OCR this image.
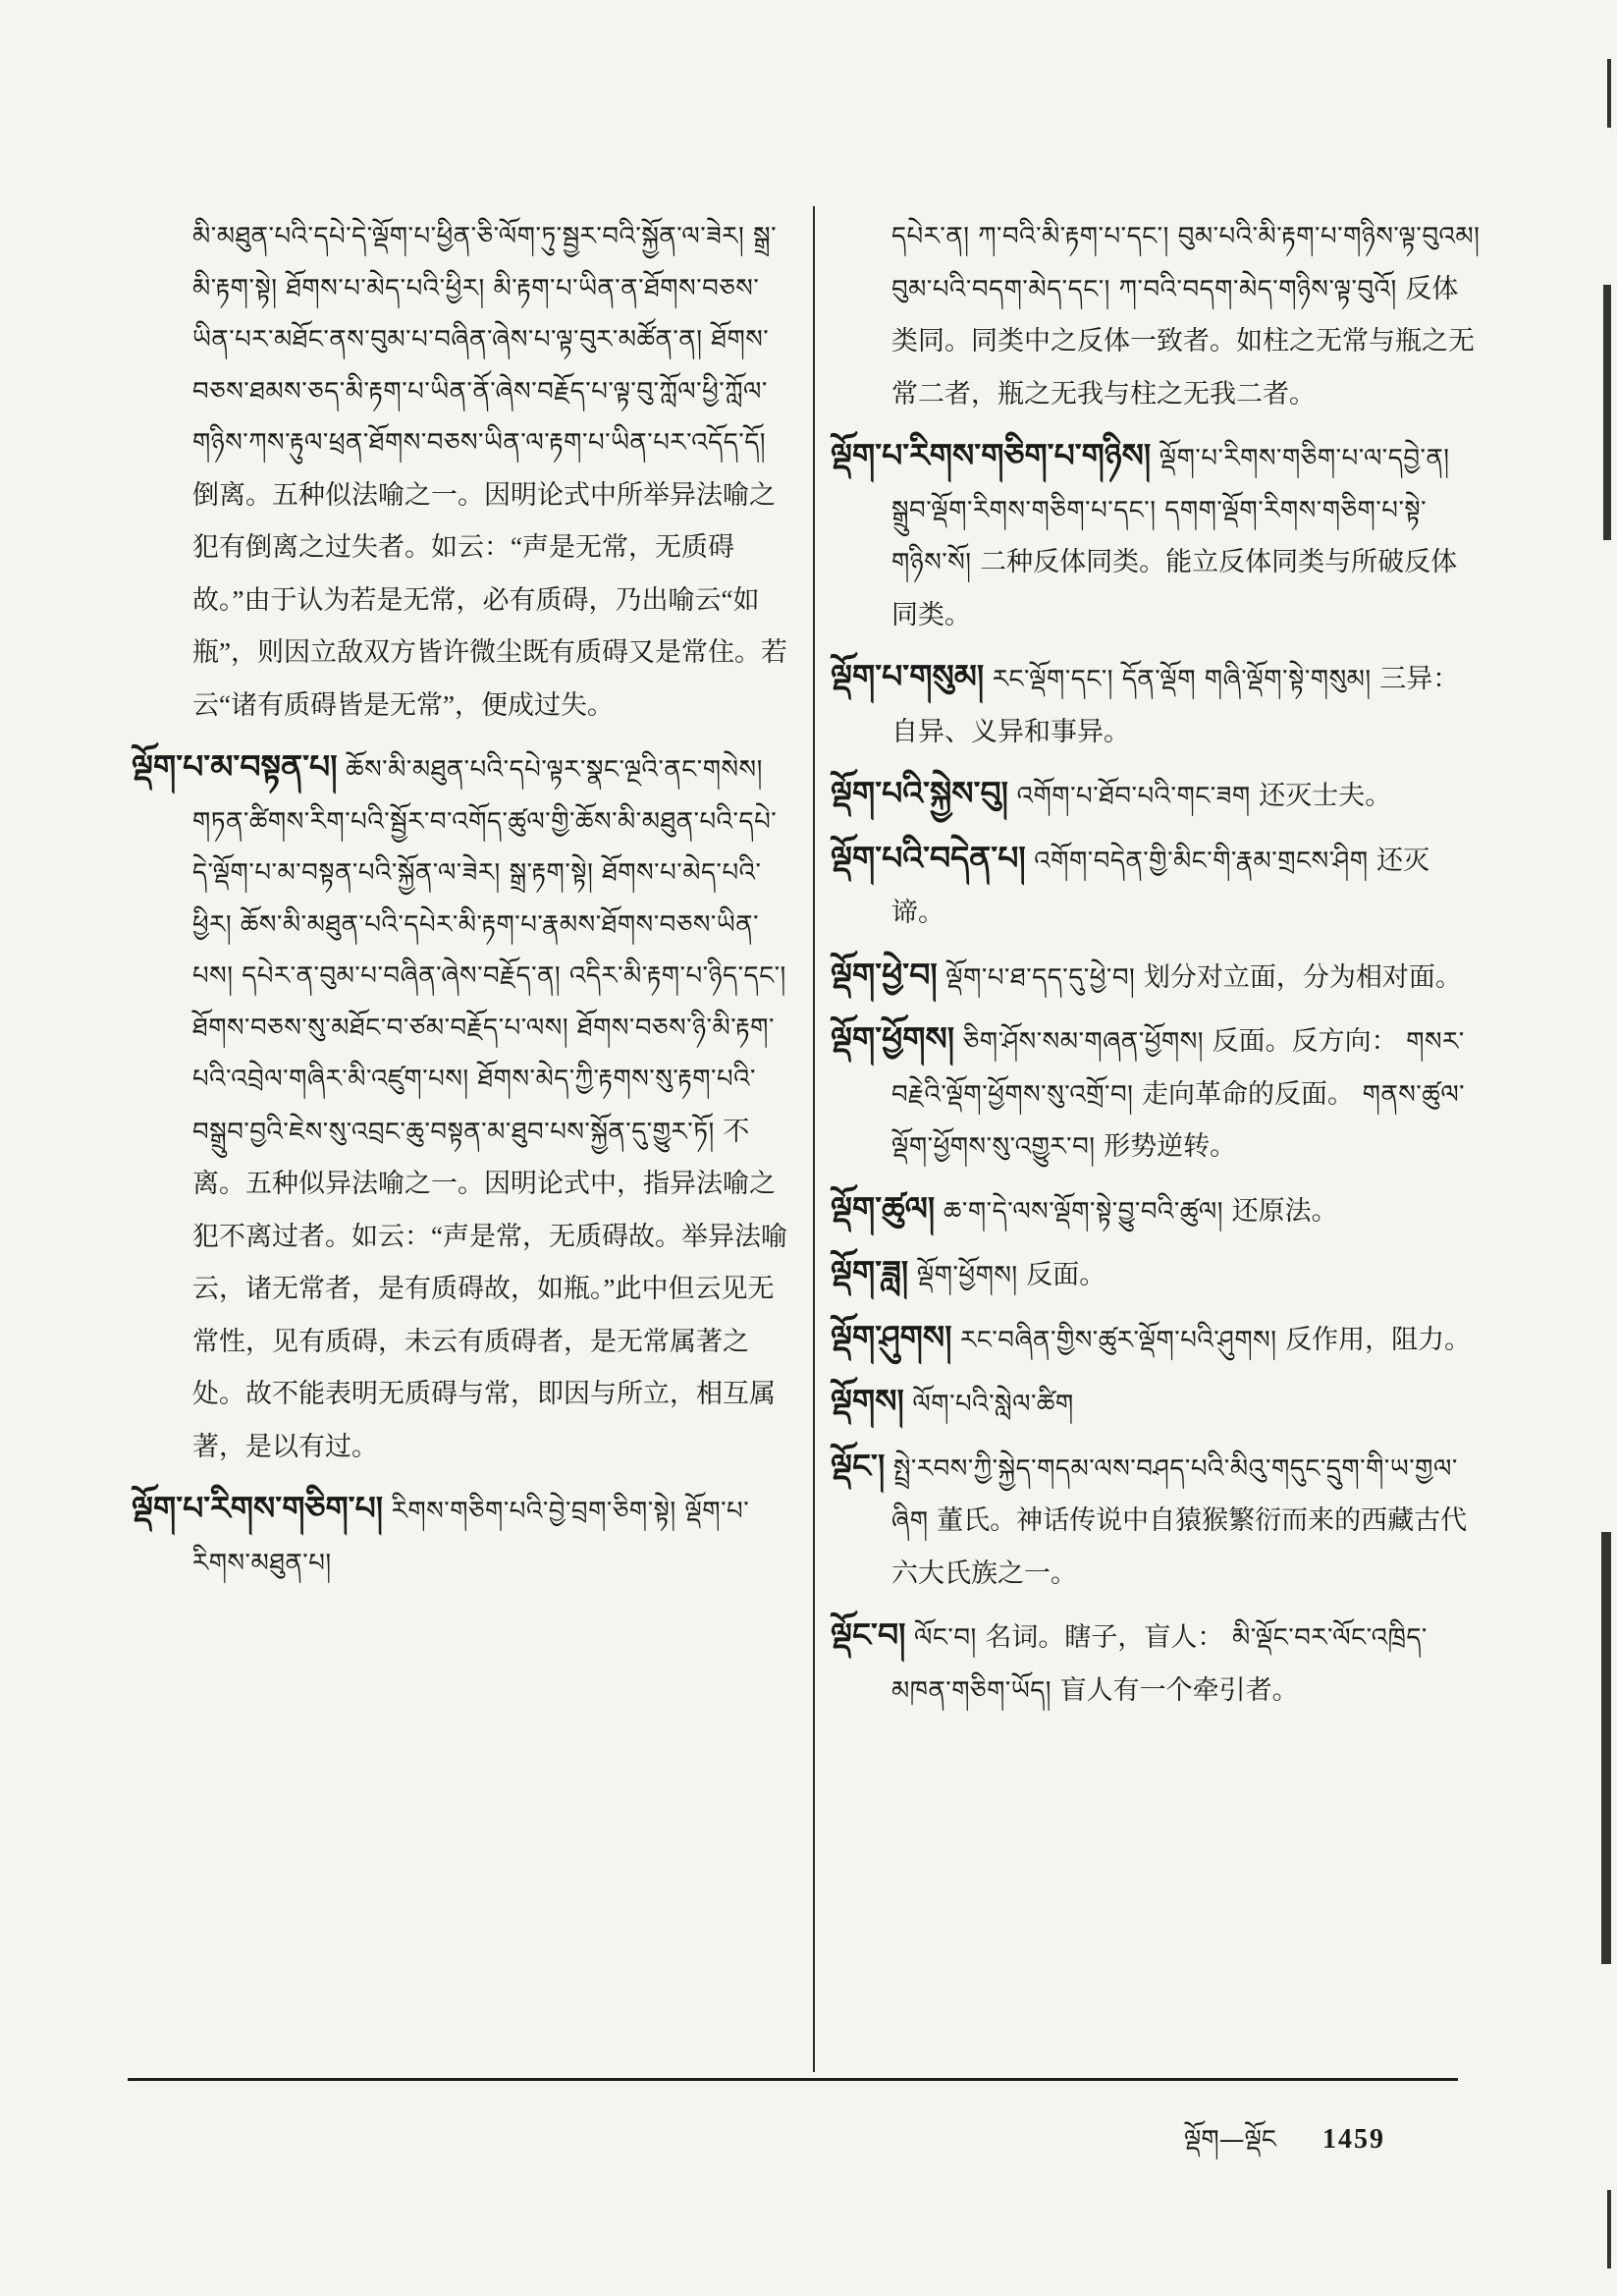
མི་མཐུན་པའི་དཔེ་དེ་ལྡོག་པ་ཕྱིན་ཅི་ལོག་ཏུ་སྦྱར་བའི་སྐྱོན་ལ་ཟེར། སྒྲ་མི་རྟག་སྟེ། ཐོགས་པ་མེད་པའི་ཕྱིར། མི་རྟག་པ་ཡིན་ན་ཐོགས་བཅས་ཡིན་པར་མཐོང་ནས་བུམ་པ་བཞིན་ཞེས་པ་ལྟ་བུར་མཚོན་ན། ཐོགས་བཅས་ཐམས་ཅད་མི་རྟག་པ་ཡིན་ནོ་ཞེས་བརྗོད་པ་ལྟ་བུ་ཀློལ་ཕྱི་ཀློལ་གཉིས་ཀས་རྟུལ་ཕྲན་ཐོགས་བཅས་ཡིན་ལ་རྟག་པ་ཡིན་པར་འདོད་དོ། 倒离。五种似法喻之一。因明论式中所举异法喻之犯有倒离之过失者。如云：“声是无常，无质碍故。”由于认为若是无常，必有质碍，乃出喻云“如瓶”，则因立敌双方皆许微尘既有质碍又是常住。若云“诸有质碍皆是无常”，便成过失。

ལྡོག་པ་མ་བསྟན་པ། ཆོས་མི་མཐུན་པའི་དཔེ་ལྟར་སྣང་ལྔའི་ནང་གསེས། གཏན་ཚིགས་རིག་པའི་སྦྱོར་བ་འགོད་ཚུལ་གྱི་ཆོས་མི་མཐུན་པའི་དཔེ་དེ་ལྡོག་པ་མ་བསྟན་པའི་སྐྱོན་ལ་ཟེར། སྒྲ་རྟག་སྟེ། ཐོགས་པ་མེད་པའི་ཕྱིར། ཆོས་མི་མཐུན་པའི་དཔེར་མི་རྟག་པ་རྣམས་ཐོགས་བཅས་ཡིན་པས། དཔེར་ན་བུམ་པ་བཞིན་ཞེས་བརྗོད་ན། འདིར་མི་རྟག་པ་ཉིད་དང་། ཐོགས་བཅས་སུ་མཐོང་བ་ཙམ་བརྗོད་པ་ལས། ཐོགས་བཅས་ཉི་མི་རྟག་པའི་འབྲེལ་གཞིར་མི་འཛུག་པས། ཐོགས་མེད་ཀྱི་རྟགས་སུ་རྟག་པའི་བསྒྲུབ་བྱའི་ཇེས་སུ་འབྲང་ཆུ་བསྟན་མ་ཐུབ་པས་སྐྱོན་དུ་གྱུར་ཏོ། 不离。五种似异法喻之一。因明论式中，指异法喻之犯不离过者。如云：“声是常，无质碍故。举异法喻云，诸无常者，是有质碍故，如瓶。”此中但云见无常性，见有质碍，未云有质碍者，是无常属著之处。故不能表明无质碍与常，即因与所立，相互属著，是以有过。

ལྡོག་པ་རིགས་གཅིག་པ། རིགས་གཅིག་པའི་བྱེ་བྲག་ཅིག་སྟེ། ལྡོག་པ་རིགས་མཐུན་པ།

དཔེར་ན། ཀ་བའི་མི་རྟག་པ་དང་། བུམ་པའི་མི་རྟག་པ་གཉིས་ལྟ་བུའམ། བུམ་པའི་བདག་མེད་དང་། ཀ་བའི་བདག་མེད་གཉིས་ལྟ་བུའོ། 反体类同。同类中之反体一致者。如柱之无常与瓶之无常二者，瓶之无我与柱之无我二者。

ལྡོག་པ་རིགས་གཅིག་པ་གཉིས། ལྡོག་པ་རིགས་གཅིག་པ་ལ་དབྱེ་ན། སྒྲུབ་ལྡོག་རིགས་གཅིག་པ་དང་། དགག་ལྡོག་རིགས་གཅིག་པ་སྟེ་གཉིས་སོ། 二种反体同类。能立反体同类与所破反体同类。

ལྡོག་པ་གསུམ། རང་ལྡོག་དང་། དོན་ལྡོག གཞི་ལྡོག་སྟེ་གསུམ། 三异：自异、义异和事异。

ལྡོག་པའི་སྐྱེས་བུ། འགོག་པ་ཐོབ་པའི་གང་ཟག 还灭士夫。

ལྡོག་པའི་བདེན་པ། འགོག་བདེན་གྱི་མིང་གི་རྣམ་གྲངས་ཤིག 还灭谛。

ལྡོག་ཕྱེ་བ། ལྡོག་པ་ཐ་དད་དུ་ཕྱེ་བ། 划分对立面，分为相对面。

ལྡོག་ཕྱོགས། ཅིག་ཤོས་སམ་གཞན་ཕྱོགས། 反面。反方向： གསར་བརྗེའི་ལྡོག་ཕྱོགས་སུ་འགྲོ་བ། 走向革命的反面。 གནས་ཚུལ་ལྡོག་ཕྱོགས་སུ་འགྱུར་བ། 形势逆转。

ལྡོག་ཚུལ། ཆ་ག་དེ་ལས་ལྡོག་སྟེ་བྱུ་བའི་ཚུལ། 还原法。

ལྡོག་ཟླ། ལྡོག་ཕྱོགས། 反面。

ལྡོག་ཤུགས། རང་བཞིན་གྱིས་ཚུར་ལྡོག་པའི་ཤུགས། 反作用，阻力。

ལྡོགས། ལོག་པའི་སླེལ་ཚིག

ལྡོང་། སྤྲེ་རབས་ཀྱི་སྐྱེད་གདམ་ལས་བཤད་པའི་མིའུ་གདུང་དྲུག་གི་ཡ་གྱལ་ཞིག 董氏。神话传说中自猿猴繁衍而来的西藏古代六大氏族之一。

ལྡོང་བ། ལོང་བ། 名词。瞎子，盲人： མི་ལྡོང་བར་ལོང་འཁྲིད་མཁན་གཅིག་ཡོད། 盲人有一个牵引者。

ལྡོག—ལྡོང 1459
